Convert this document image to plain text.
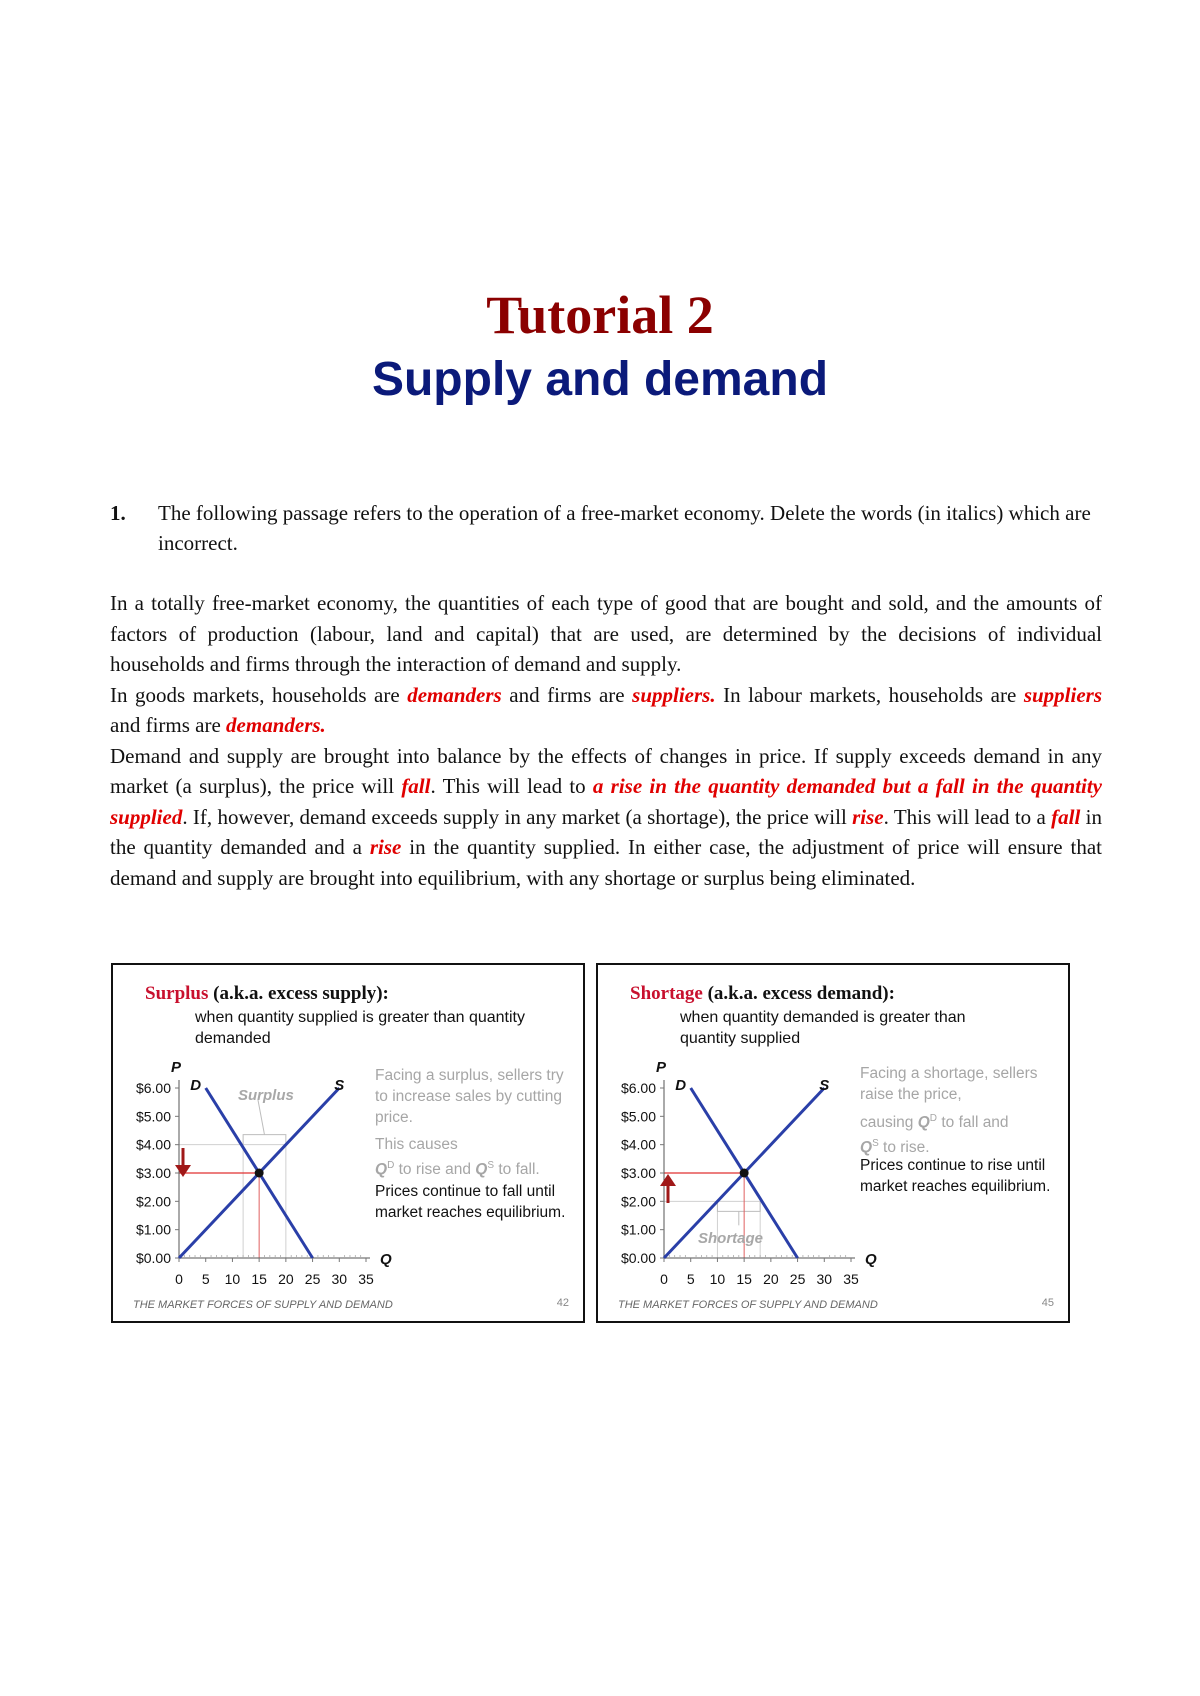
Tutorial 2
Supply and demand
1. The following passage refers to the operation of a free-market economy. Delete the words (in italics) which are incorrect.

In a totally free-market economy, the quantities of each type of good that are bought and sold, and the amounts of factors of production (labour, land and capital) that are used, are determined by the decisions of individual households and firms through the interaction of demand and supply.

In goods markets, households are demanders and firms are suppliers. In labour markets, households are suppliers and firms are demanders.

Demand and supply are brought into balance by the effects of changes in price. If supply exceeds demand in any market (a surplus), the price will fall. This will lead to a rise in the quantity demanded but a fall in the quantity supplied. If, however, demand exceeds supply in any market (a shortage), the price will rise. This will lead to a fall in the quantity demanded and a rise in the quantity supplied. In either case, the adjustment of price will ensure that demand and supply are brought into equilibrium, with any shortage or surplus being eliminated.

P
Q
$0.00
$1.00
$2.00
$3.00
$4.00
$5.00
$6.00
0 5 10 15 20 25 30 35
D	S
Surplus
Surplus (a.k.a. excess supply):
when quantity supplied is greater than quantity demanded
Facing a surplus, sellers try to increase sales by cutting price.
This causes
$Q^D$ to rise and $Q^S$ to fall.
Prices continue to fall until market reaches equilibrium.
THE MARKET FORCES OF SUPPLY AND DEMAND	42
P
Q
$0.00
$1.00
$2.00
$3.00
$4.00
$5.00
$6.00
0 5 10 15 20 25 30 35
D	S
Shortage
Shortage (a.k.a. excess demand):
when quantity demanded is greater than quantity supplied
Facing a shortage, sellers raise the price,
causing $Q^D$ to fall and
$Q^S$ to rise.
Prices continue to rise until market reaches equilibrium.
THE MARKET FORCES OF SUPPLY AND DEMAND	45
